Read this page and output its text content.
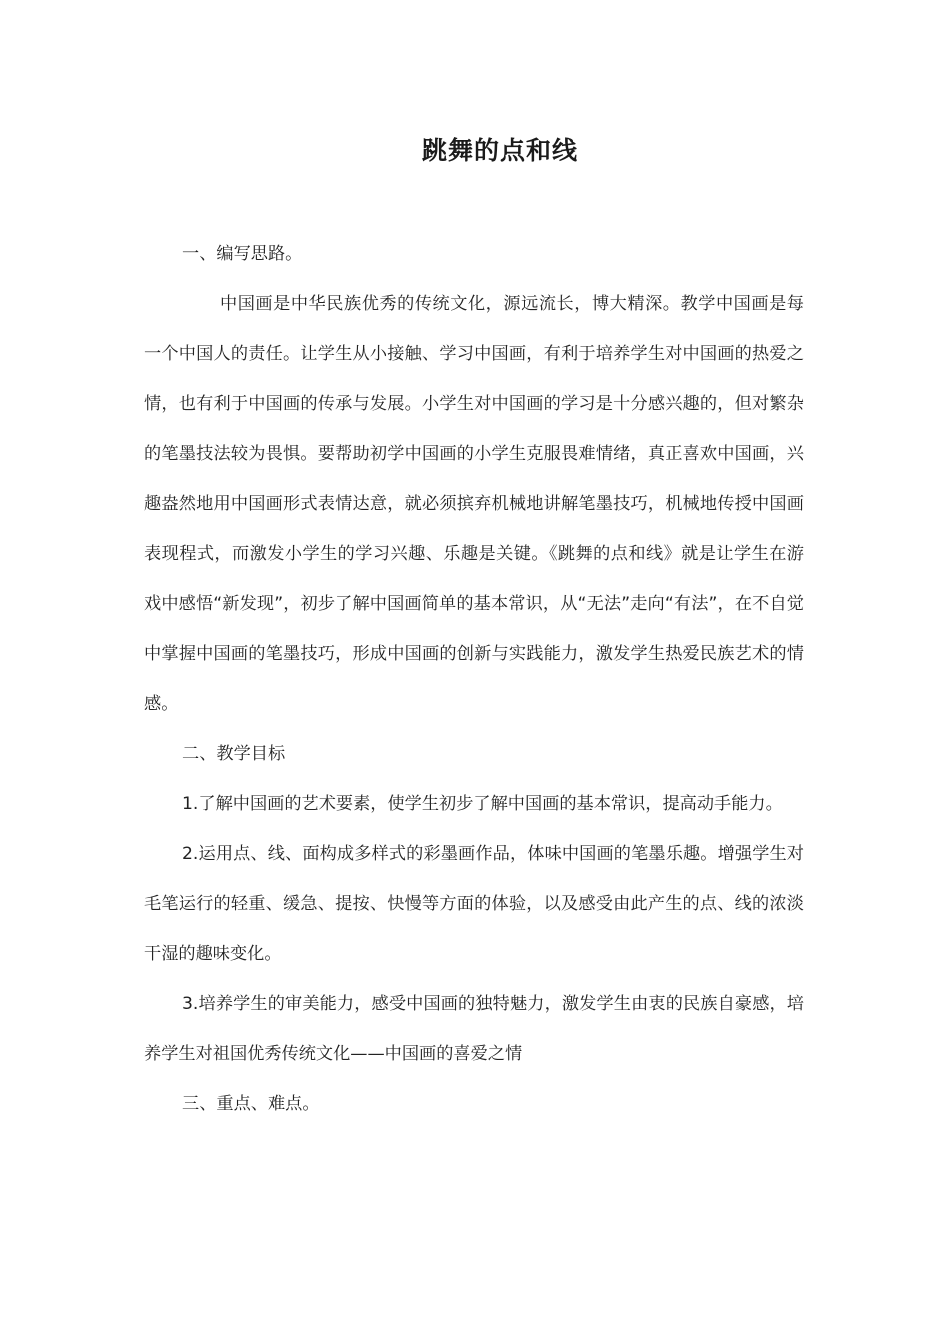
跳舞的点和线

一、编写思路。

中国画是中华民族优秀的传统文化，源远流长，博大精深。教学中国画是每一个中国人的责任。让学生从小接触、学习中国画，有利于培养学生对中国画的热爱之情，也有利于中国画的传承与发展。小学生对中国画的学习是十分感兴趣的，但对繁杂的笔墨技法较为畏惧。要帮助初学中国画的小学生克服畏难情绪，真正喜欢中国画，兴趣盎然地用中国画形式表情达意，就必须摈弃机械地讲解笔墨技巧，机械地传授中国画表现程式，而激发小学生的学习兴趣、乐趣是关键。《跳舞的点和线》就是让学生在游戏中感悟“新发现”，初步了解中国画简单的基本常识，从“无法”走向“有法”，在不自觉中掌握中国画的笔墨技巧，形成中国画的创新与实践能力，激发学生热爱民族艺术的情感。

二、教学目标

1.了解中国画的艺术要素，使学生初步了解中国画的基本常识，提高动手能力。

2.运用点、线、面构成多样式的彩墨画作品，体味中国画的笔墨乐趣。增强学生对毛笔运行的轻重、缓急、提按、快慢等方面的体验，以及感受由此产生的点、线的浓淡干湿的趣味变化。

3.培养学生的审美能力，感受中国画的独特魅力，激发学生由衷的民族自豪感，培养学生对祖国优秀传统文化——中国画的喜爱之情

三、重点、难点。
